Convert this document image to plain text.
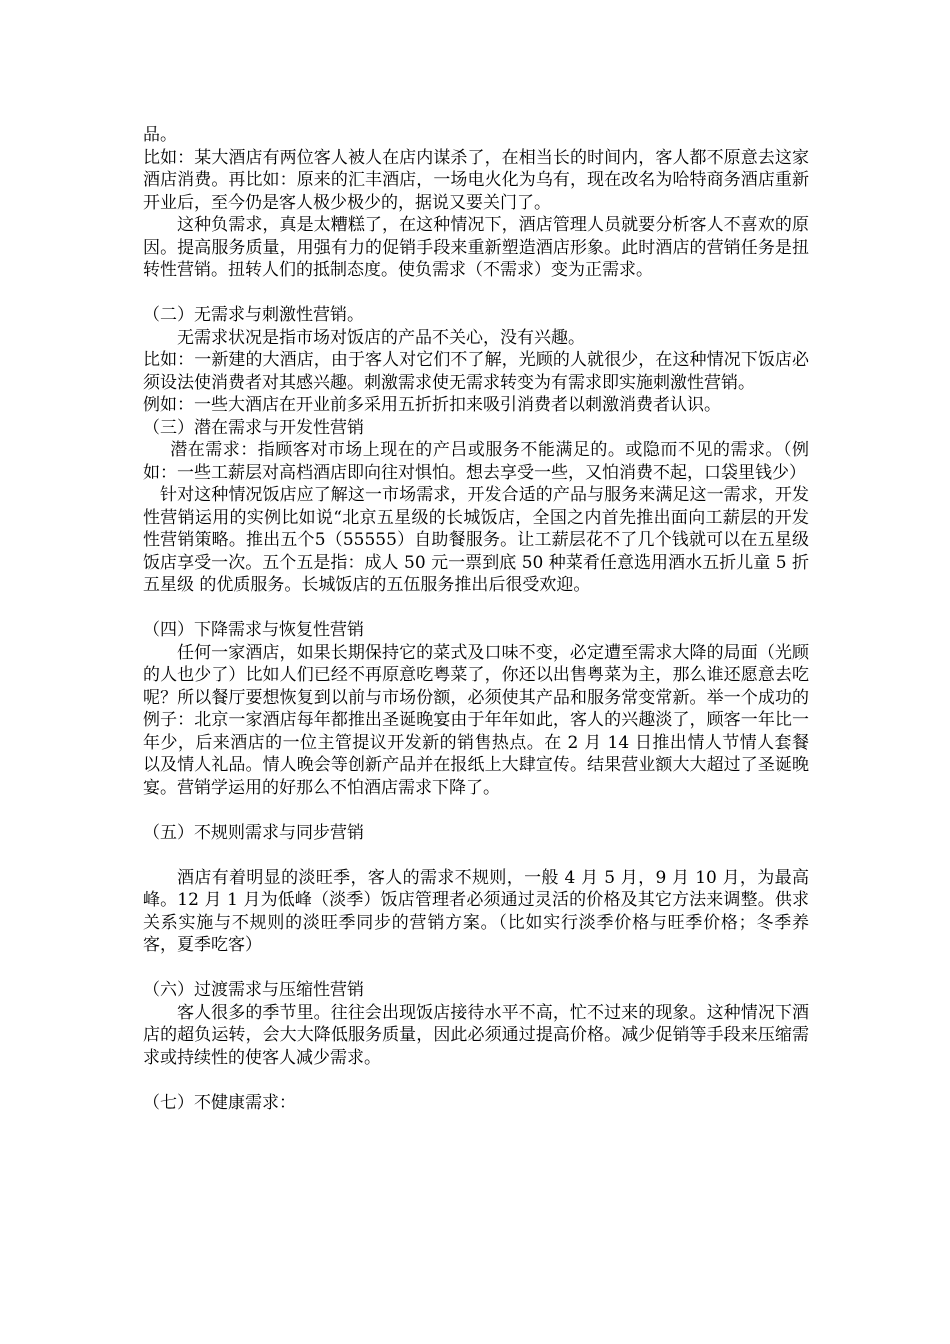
品。

比如：某大酒店有两位客人被人在店内谋杀了，在相当长的时间内，客人都不原意去这家酒店消费。再比如：原来的汇丰酒店，一场电火化为乌有，现在改名为哈特商务酒店重新开业后，至今仍是客人极少极少的，据说又要关门了。

这种负需求，真是太糟糕了，在这种情况下，酒店管理人员就要分析客人不喜欢的原因。提高服务质量，用强有力的促销手段来重新塑造酒店形象。此时酒店的营销任务是扭转性营销。扭转人们的抵制态度。使负需求（不需求）变为正需求。

（二）无需求与刺激性营销。

无需求状况是指市场对饭店的产品不关心，没有兴趣。

比如：一新建的大酒店，由于客人对它们不了解，光顾的人就很少，在这种情况下饭店必须设法使消费者对其感兴趣。刺激需求使无需求转变为有需求即实施刺激性营销。

例如：一些大酒店在开业前多采用五折折扣来吸引消费者以刺激消费者认识。

（三）潜在需求与开发性营销

潜在需求：指顾客对市场上现在的产吕或服务不能满足的。或隐而不见的需求。（例如：一些工薪层对高档酒店即向往对惧怕。想去享受一些，又怕消费不起，口袋里钱少）

针对这种情况饭店应了解这一市场需求，开发合适的产品与服务来满足这一需求，开发性营销运用的实例比如说“北京五星级的长城饭店，全国之内首先推出面向工薪层的开发性营销策略。推出五个5（55555）自助餐服务。让工薪层花不了几个钱就可以在五星级饭店享受一次。五个五是指：成人 50 元一票到底 50 种菜肴任意选用酒水五折儿童 5 折五星级 的优质服务。长城饭店的五伍服务推出后很受欢迎。

（四）下降需求与恢复性营销

任何一家酒店，如果长期保持它的菜式及口味不变，必定遭至需求大降的局面（光顾的人也少了）比如人们已经不再原意吃粤菜了，你还以出售粤菜为主，那么谁还愿意去吃呢？所以餐厅要想恢复到以前与市场份额，必须使其产品和服务常变常新。举一个成功的例子：北京一家酒店每年都推出圣诞晚宴由于年年如此，客人的兴趣淡了，顾客一年比一年少，后来酒店的一位主管提议开发新的销售热点。在 2 月 14 日推出情人节情人套餐以及情人礼品。情人晚会等创新产品并在报纸上大肆宣传。结果营业额大大超过了圣诞晚宴。营销学运用的好那么不怕酒店需求下降了。

（五）不规则需求与同步营销

酒店有着明显的淡旺季，客人的需求不规则，一般 4 月 5 月，9 月 10 月，为最高峰。12 月 1 月为低峰（淡季）饭店管理者必须通过灵活的价格及其它方法来调整。供求关系实施与不规则的淡旺季同步的营销方案。（比如实行淡季价格与旺季价格；冬季养客，夏季吃客）

（六）过渡需求与压缩性营销

客人很多的季节里。往往会出现饭店接待水平不高，忙不过来的现象。这种情况下酒店的超负运转，会大大降低服务质量，因此必须通过提高价格。减少促销等手段来压缩需求或持续性的使客人减少需求。

（七）不健康需求：
